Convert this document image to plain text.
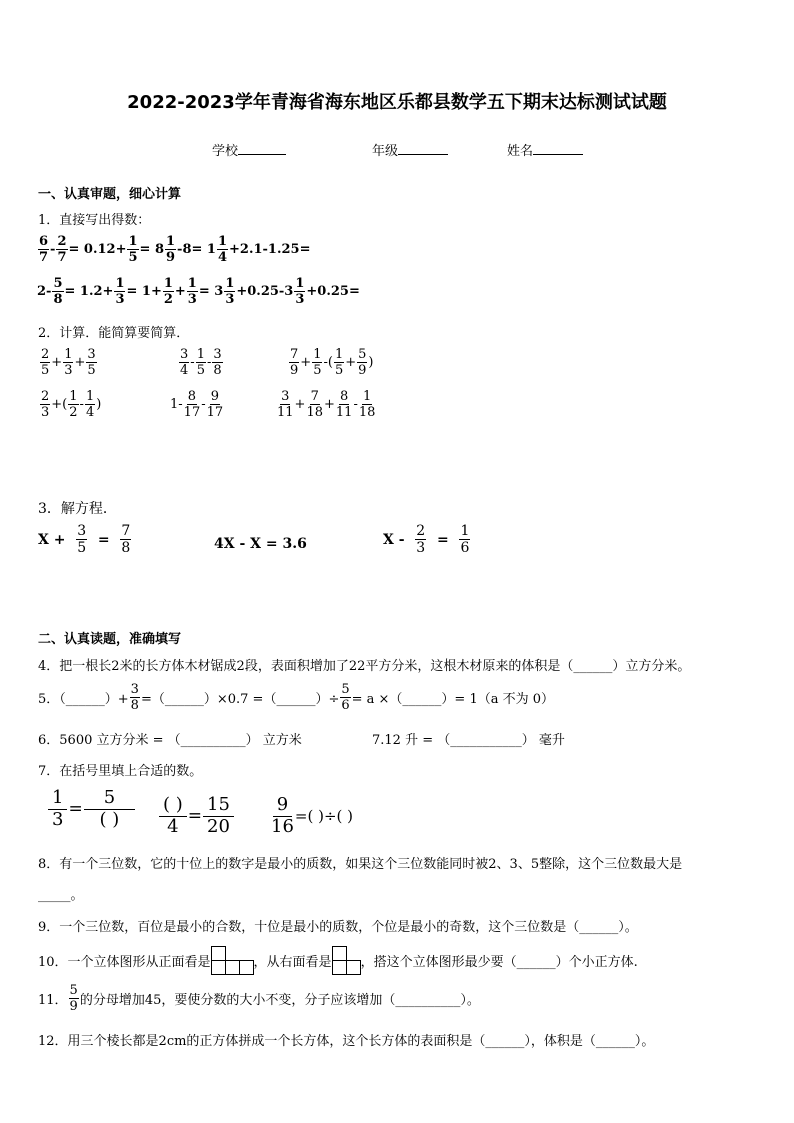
2022-2023学年青海省海东地区乐都县数学五下期末达标测试试题
学校	年级	姓名
一、认真审题，细心计算
1．直接写出得数：
6
7
- $\frac{2}{7} = 0.12+ \frac{1}{5} = 8$
1
9
-8= 1
1
4
+2.1-1.25=
$2- \frac{5}{8} = 1.2+ \frac{1}{3} = 1+ \frac{1}{2} + \frac{1}{3} = 3$
1
3
+0.25-3
1
3
+0.25=
2．计算．能简算要简算．
2
5
+ $\frac{1}{3} + \frac{3}{5}$	3
4
-
1
5
-
3
8
7
9
+ $\frac{1}{5}$ -(
1
5
+ $\frac{5}{9}$ )
2
3
+(
1
2
-
1
4
)	1-
8
17
-
9
17
3
11
+ $\frac{7}{18} + \frac{8}{11}$ -
1
18
3．解方程．
X +
$\frac{3}{5}$
=
$\frac{7}{8}$	4X - X = 3.6	X -
$\frac{2}{3}$
=
$\frac{1}{6}$
二、认真读题，准确填写
4．把一根长2米的长方体木材锯成2段，表面积增加了22平方分米，这根木材原来的体积是（______）立方分米。
5．（______）+ $\frac{3}{8}$ =（______）×0.7 =（______）÷ $\frac{5}{6} = a$ ×（______）= 1（a 不为 0）
6．5600 立方分米 = （__________） 立方米	7.12 升 = （___________） 毫升
7．在括号里填上合适的数。
$\frac{1}{3}$ =
5
( )
( )
$4 = \frac{15}{20} \frac{9}{16}$ =( )÷( )
8．有一个三位数，它的十位上的数字是最小的质数，如果这个三位数能同时被2、3、5整除，这个三位数最大是
_____。
9．一个三位数，百位是最小的合数，十位是最小的质数，个位是最小的奇数，这个三位数是（______）。
10．一个立体图形从正面看是	，从右面看是 ，搭这个立体图形最少要（______）个小正方体.
11．
5
9 的分母增加45，要使分数的大小不变，分子应该增加（__________）。
12．用三个棱长都是2cm的正方体拼成一个长方体，这个长方体的表面积是（______），体积是（______）。
